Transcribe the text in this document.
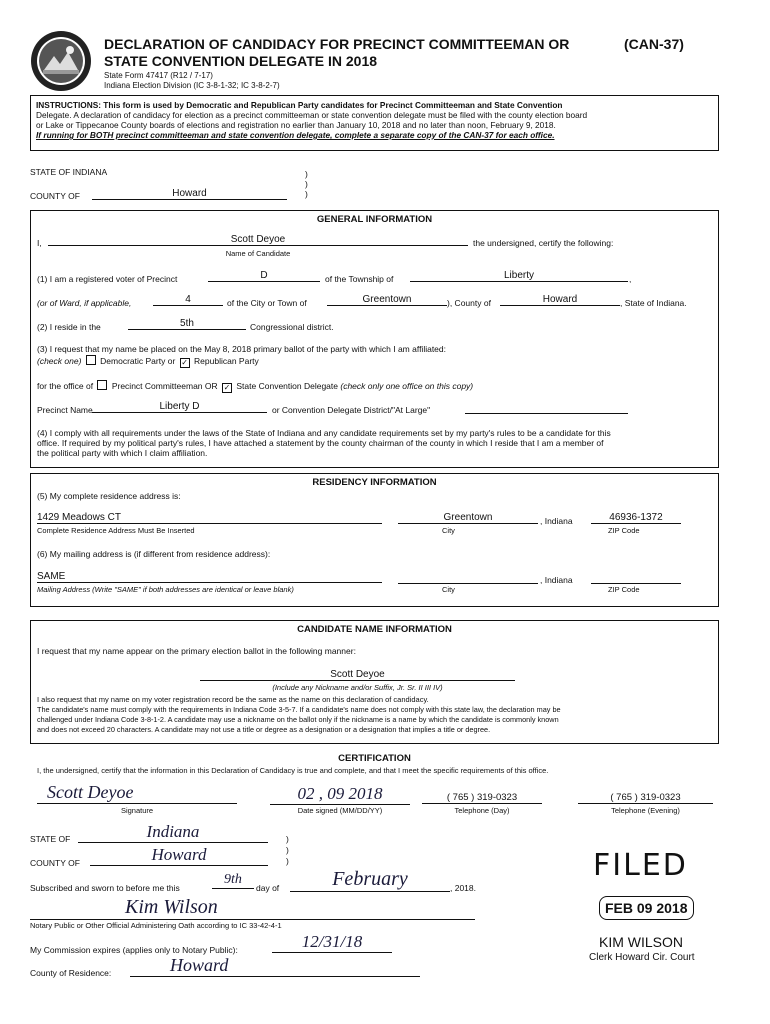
DECLARATION OF CANDIDACY FOR PRECINCT COMMITTEEMAN OR
STATE CONVENTION DELEGATE IN 2018
(CAN-37)
State Form 47417 (R12 / 7-17)
Indiana Election Division (IC 3-8-1-32; IC 3-8-2-7)
INSTRUCTIONS: This form is used by Democratic and Republican Party candidates for Precinct Committeeman and State Convention
Delegate. A declaration of candidacy for election as a precinct committeeman or state convention delegate must be filed with the county election board
or Lake or Tippecanoe County boards of elections and registration no earlier than January 10, 2018 and no later than noon, February 9, 2018.
If running for BOTH precinct committeeman and state convention delegate, complete a separate copy of the CAN-37 for each office.
STATE OF INDIANA	)
)
)
COUNTY OF	Howard
GENERAL INFORMATION
I,	Scott Deyoe	the undersigned, certify the following:
Name of Candidate
(1) I am a registered voter of Precinct	D	of the Township of	Liberty	,
(or of Ward, if applicable,	4	of the City or Town of	Greentown	), County of	Howard	, State of Indiana.
(2) I reside in the	5th	Congressional district.
(3) I request that my name be placed on the May 8, 2018 primary ballot of the party with which I am affiliated:
(check one) Democratic Party or ✓ Republican Party
for the office of Precinct Committeeman OR ✓ State Convention Delegate (check only one office on this copy)
Precinct Name	Liberty D	or Convention Delegate District/"At Large"
(4) I comply with all requirements under the laws of the State of Indiana and any candidate requirements set by my party's rules to be a candidate for this
office. If required by my political party's rules, I have attached a statement by the county chairman of the county in which I reside that I am a member of
the political party with which I claim affiliation.
RESIDENCY INFORMATION
(5) My complete residence address is:
1429 Meadows CT
Complete Residence Address Must Be Inserted
Greentown
City
, Indiana	46936-1372
ZIP Code
(6) My mailing address is (if different from residence address):
SAME
Mailing Address (Write "SAME" if both addresses are identical or leave blank)	City
, Indiana
ZIP Code
CANDIDATE NAME INFORMATION
I request that my name appear on the primary election ballot in the following manner:
Scott Deyoe
(Include any Nickname and/or Suffix, Jr. Sr. II III IV)
I also request that my name on my voter registration record be the same as the name on this declaration of candidacy.
The candidate's name must comply with the requirements in Indiana Code 3-5-7. If a candidate's name does not comply with this state law, the declaration may be
challenged under Indiana Code 3-8-1-2. A candidate may use a nickname on the ballot only if the nickname is a name by which the candidate is commonly known
and does not exceed 20 characters. A candidate may not use a title or degree as a designation or a designation that implies a title or degree.
CERTIFICATION
I, the undersigned, certify that the information in this Declaration of Candidacy is true and complete, and that I meet the specific requirements of this office.
Scott Deyoe
Signature
02 , 09 2018
Date signed (MM/DD/YY)
( 765 ) 319-0323
Telephone (Day)
( 765 ) 319-0323
Telephone (Evening)
STATE OF	Indiana	)
)
)
COUNTY OF	Howard
Subscribed and sworn to before me this
9th
day of	February	, 2018.
Kim Wilson
Notary Public or Other Official Administering Oath according to IC 33-42-4-1
My Commission expires (applies only to Notary Public):	12/31/18
County of Residence:	Howard
FILED
FEB 09 2018
KIM WILSON
Clerk Howard Cir. Court
